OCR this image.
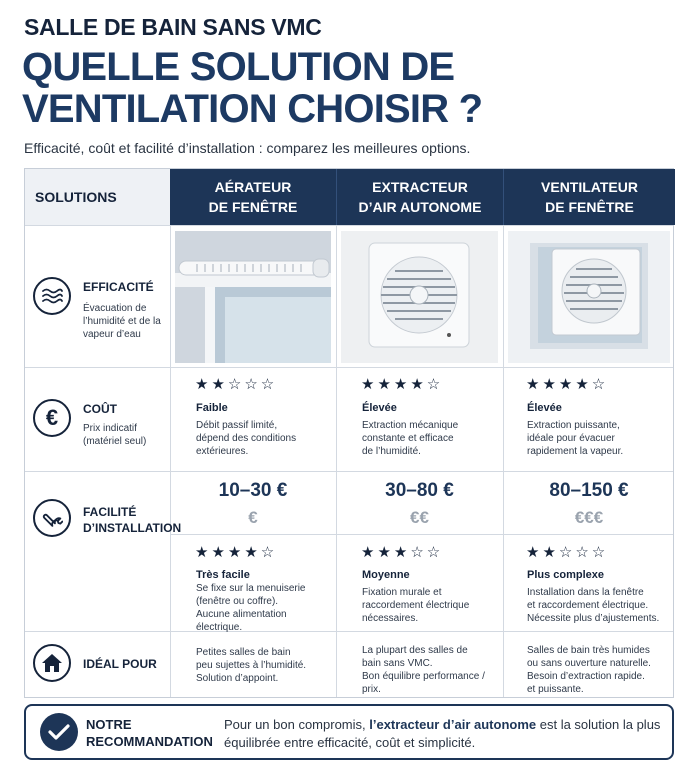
SALLE DE BAIN SANS VMC
QUELLE SOLUTION DE VENTILATION CHOISIR ?
Efficacité, coût et facilité d’installation : comparez les meilleures options.
SOLUTIONS
AÉRATEUR
DE FENÊTRE
EXTRACTEUR
D’AIR AUTONOME
VENTILATEUR
DE FENÊTRE
EFFICACITÉ
Évacuation de l’humidité et de la vapeur d’eau
€ COÛT
Prix indicatif (matériel seul)
★★☆☆☆
Faible
Débit passif limité,
dépend des conditions
extérieures.
★★★★☆
Élevée
Extraction mécanique
constante et efficace
de l’humidité.
★★★★☆
Élevée
Extraction puissante,
idéale pour évacuer
rapidement la vapeur.
FACILITÉ
D’INSTALLATION
10–30 €
€
30–80 €
€€
80–150 €
€€€
★★★★☆
Très facile
Se fixe sur la menuiserie
(fenêtre ou coffre).
Aucune alimentation
électrique.
★★★☆☆
Moyenne
Fixation murale et
raccordement électrique
nécessaires.
★★☆☆☆
Plus complexe
Installation dans la fenêtre
et raccordement électrique.
Nécessite plus d’ajustements.
IDÉAL POUR
Petites salles de bain
peu sujettes à l’humidité.
Solution d’appoint.
La plupart des salles de
bain sans VMC.
Bon équilibre performance /
prix.
Salles de bain très humides
ou sans ouverture naturelle.
Besoin d’extraction rapide.
et puissante.
NOTRE
RECOMMANDATION
Pour un bon compromis, l’extracteur d’air autonome est la solution la plus équilibrée entre efficacité, coût et simplicité.
